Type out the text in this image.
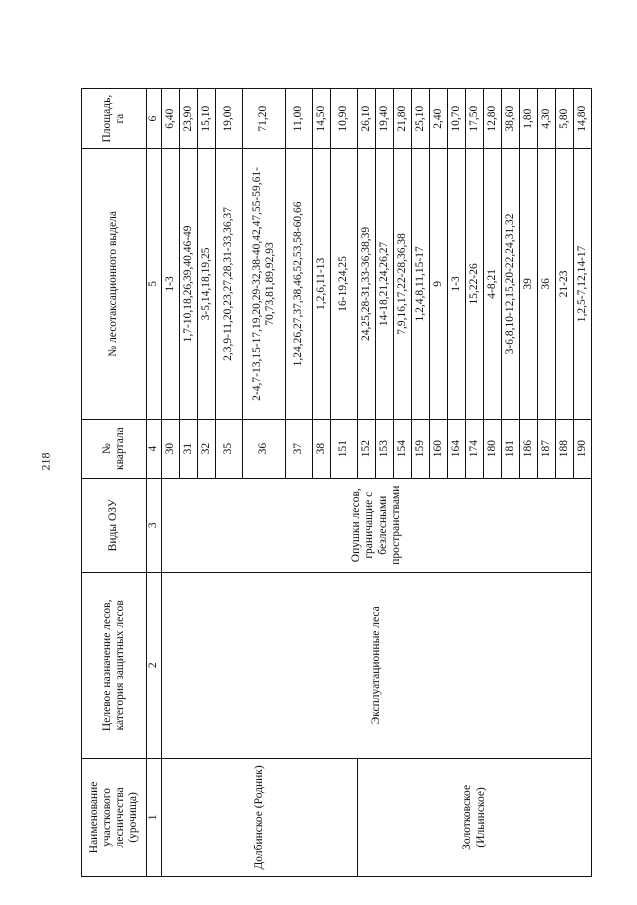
218
Наименование участкового лесничества (урочища)	Целевое назначение лесов, категория защитных лесов	Виды ОЗУ	№ квартала	№ лесотаксационного выдела	Площадь, га
1	2	3	4	5	6
Долбинское (Родник)	Эксплуатационные леса	Опушки лесов, граничащие с безлесными пространствами	30	1-3	6,40
			31	1,7-10,18,26,39,40,46-49	23,90
			32	3-5,14,18,19,25	15,10
			35	2,3,9-11,20,23,27,28,31-33,36,37	19,00
			36	2-4,7-13,15-17,19,20,29-32,38-40,42,47,55-59,61-70,73,81,89,92,93	71,20
			37	1,24,26,27,37,38,46,52,53,58-60,66	11,00
			38	1,2,6,11-13	14,50
			151	16-19,24,25	10,90
Золотковское (Ильинское)			152	24,25,28-31,33-36,38,39	26,10
			153	14-18,21,24,26,27	19,40
			154	7,9,16,17,22-28,36,38	21,80
			159	1,2,4,8,11,15-17	25,10
			160	9	2,40
			164	1-3	10,70
			174	15,22-26	17,50
			180	4-8,21	12,80
			181	3-6,8,10-12,15,20-22,24,31,32	38,60
			186	39	1,80
			187	36	4,30
			188	21-23	5,80
			190	1,2,5-7,12,14-17	14,80
